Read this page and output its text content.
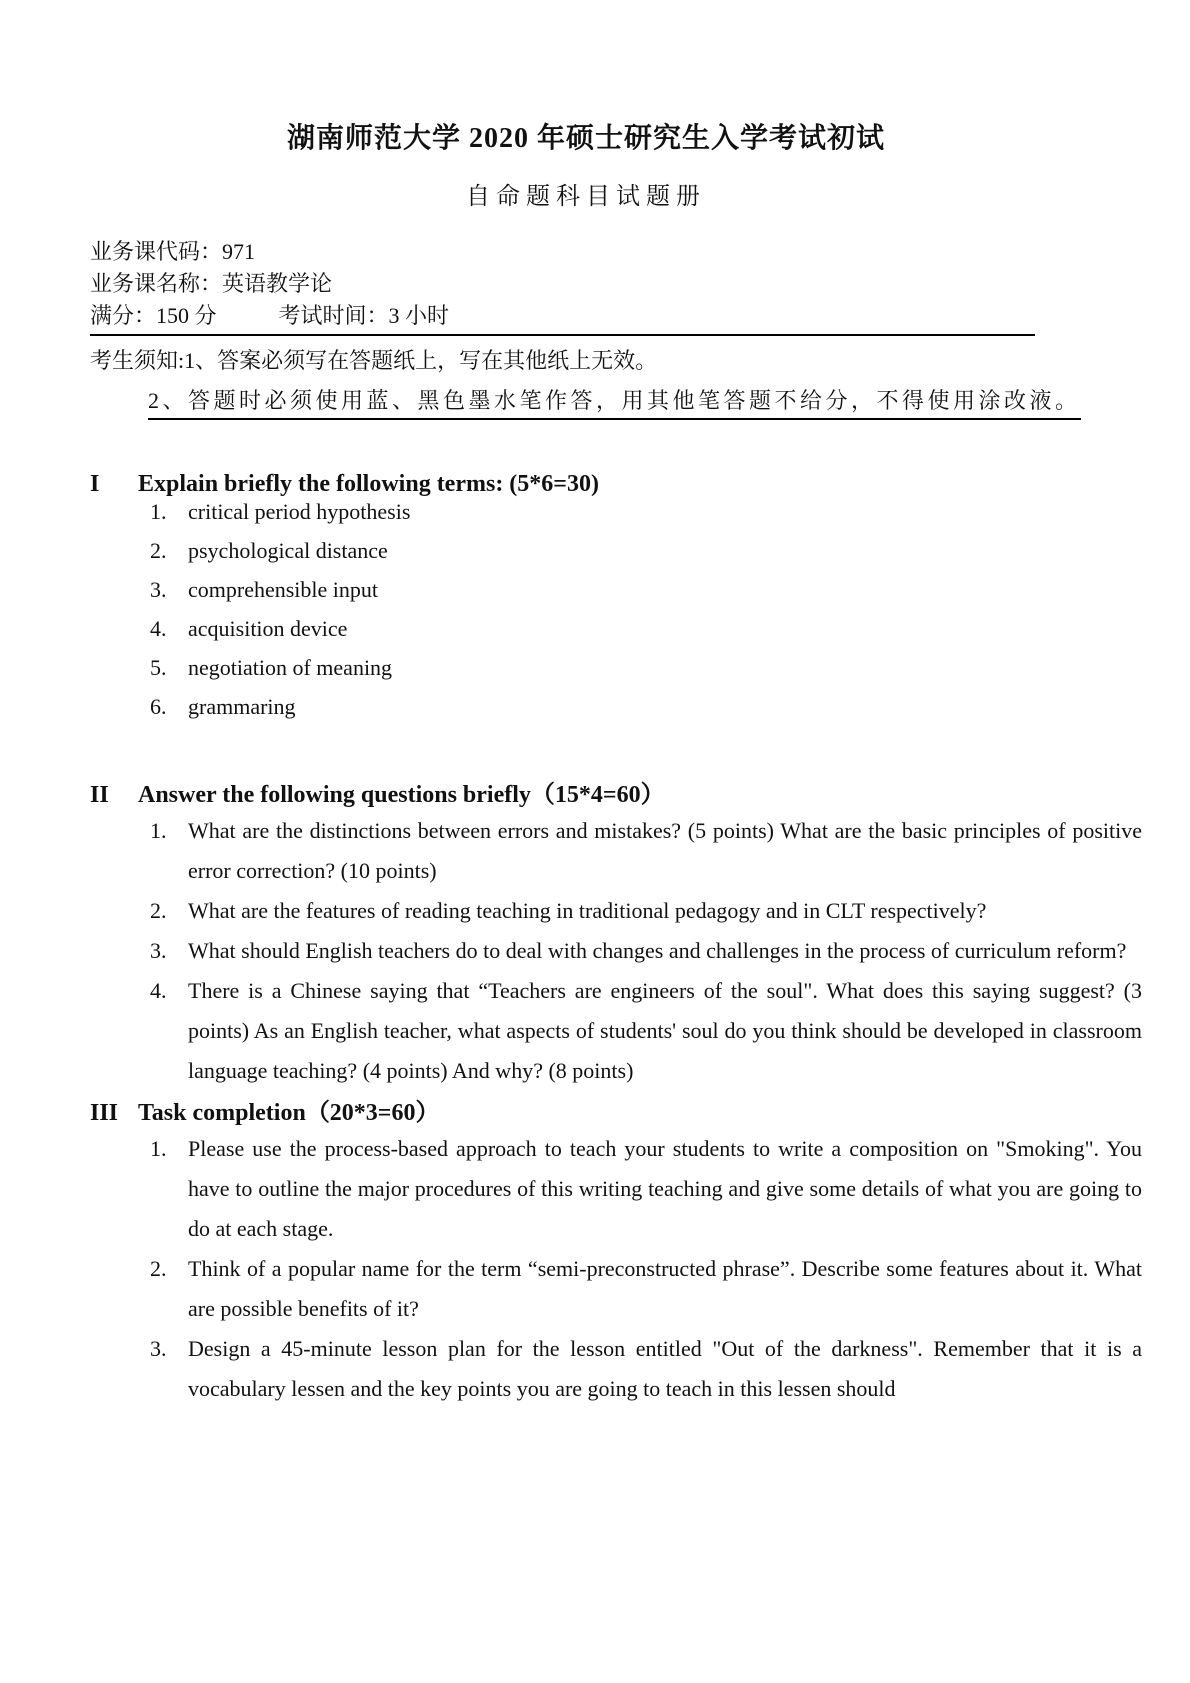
湖南师范大学 2020 年硕士研究生入学考试初试
自命题科目试题册
业务课代码：971
业务课名称：英语教学论
满分：150 分	考试时间：3 小时
考生须知:1、答案必须写在答题纸上，写在其他纸上无效。
2、答题时必须使用蓝、黑色墨水笔作答，用其他笔答题不给分，不得使用涂改液。
I	Explain briefly the following terms: (5*6=30)
1. critical period hypothesis
2. psychological distance
3. comprehensible input
4. acquisition device
5. negotiation of meaning
6. grammaring
II	Answer the following questions briefly（15*4=60）
1. What are the distinctions between errors and mistakes? (5 points) What are the basic principles of positive error correction? (10 points)
2. What are the features of reading teaching in traditional pedagogy and in CLT respectively?
3. What should English teachers do to deal with changes and challenges in the process of curriculum reform?
4. There is a Chinese saying that “Teachers are engineers of the soul". What does this saying suggest? (3 points) As an English teacher, what aspects of students' soul do you think should be developed in classroom language teaching? (4 points) And why? (8 points)
III Task completion（20*3=60）
1. Please use the process-based approach to teach your students to write a composition on "Smoking". You have to outline the major procedures of this writing teaching and give some details of what you are going to do at each stage.
2. Think of a popular name for the term “semi-preconstructed phrase”. Describe some features about it. What are possible benefits of it?
3. Design a 45-minute lesson plan for the lesson entitled "Out of the darkness". Remember that it is a vocabulary lessen and the key points you are going to teach in this lessen should
